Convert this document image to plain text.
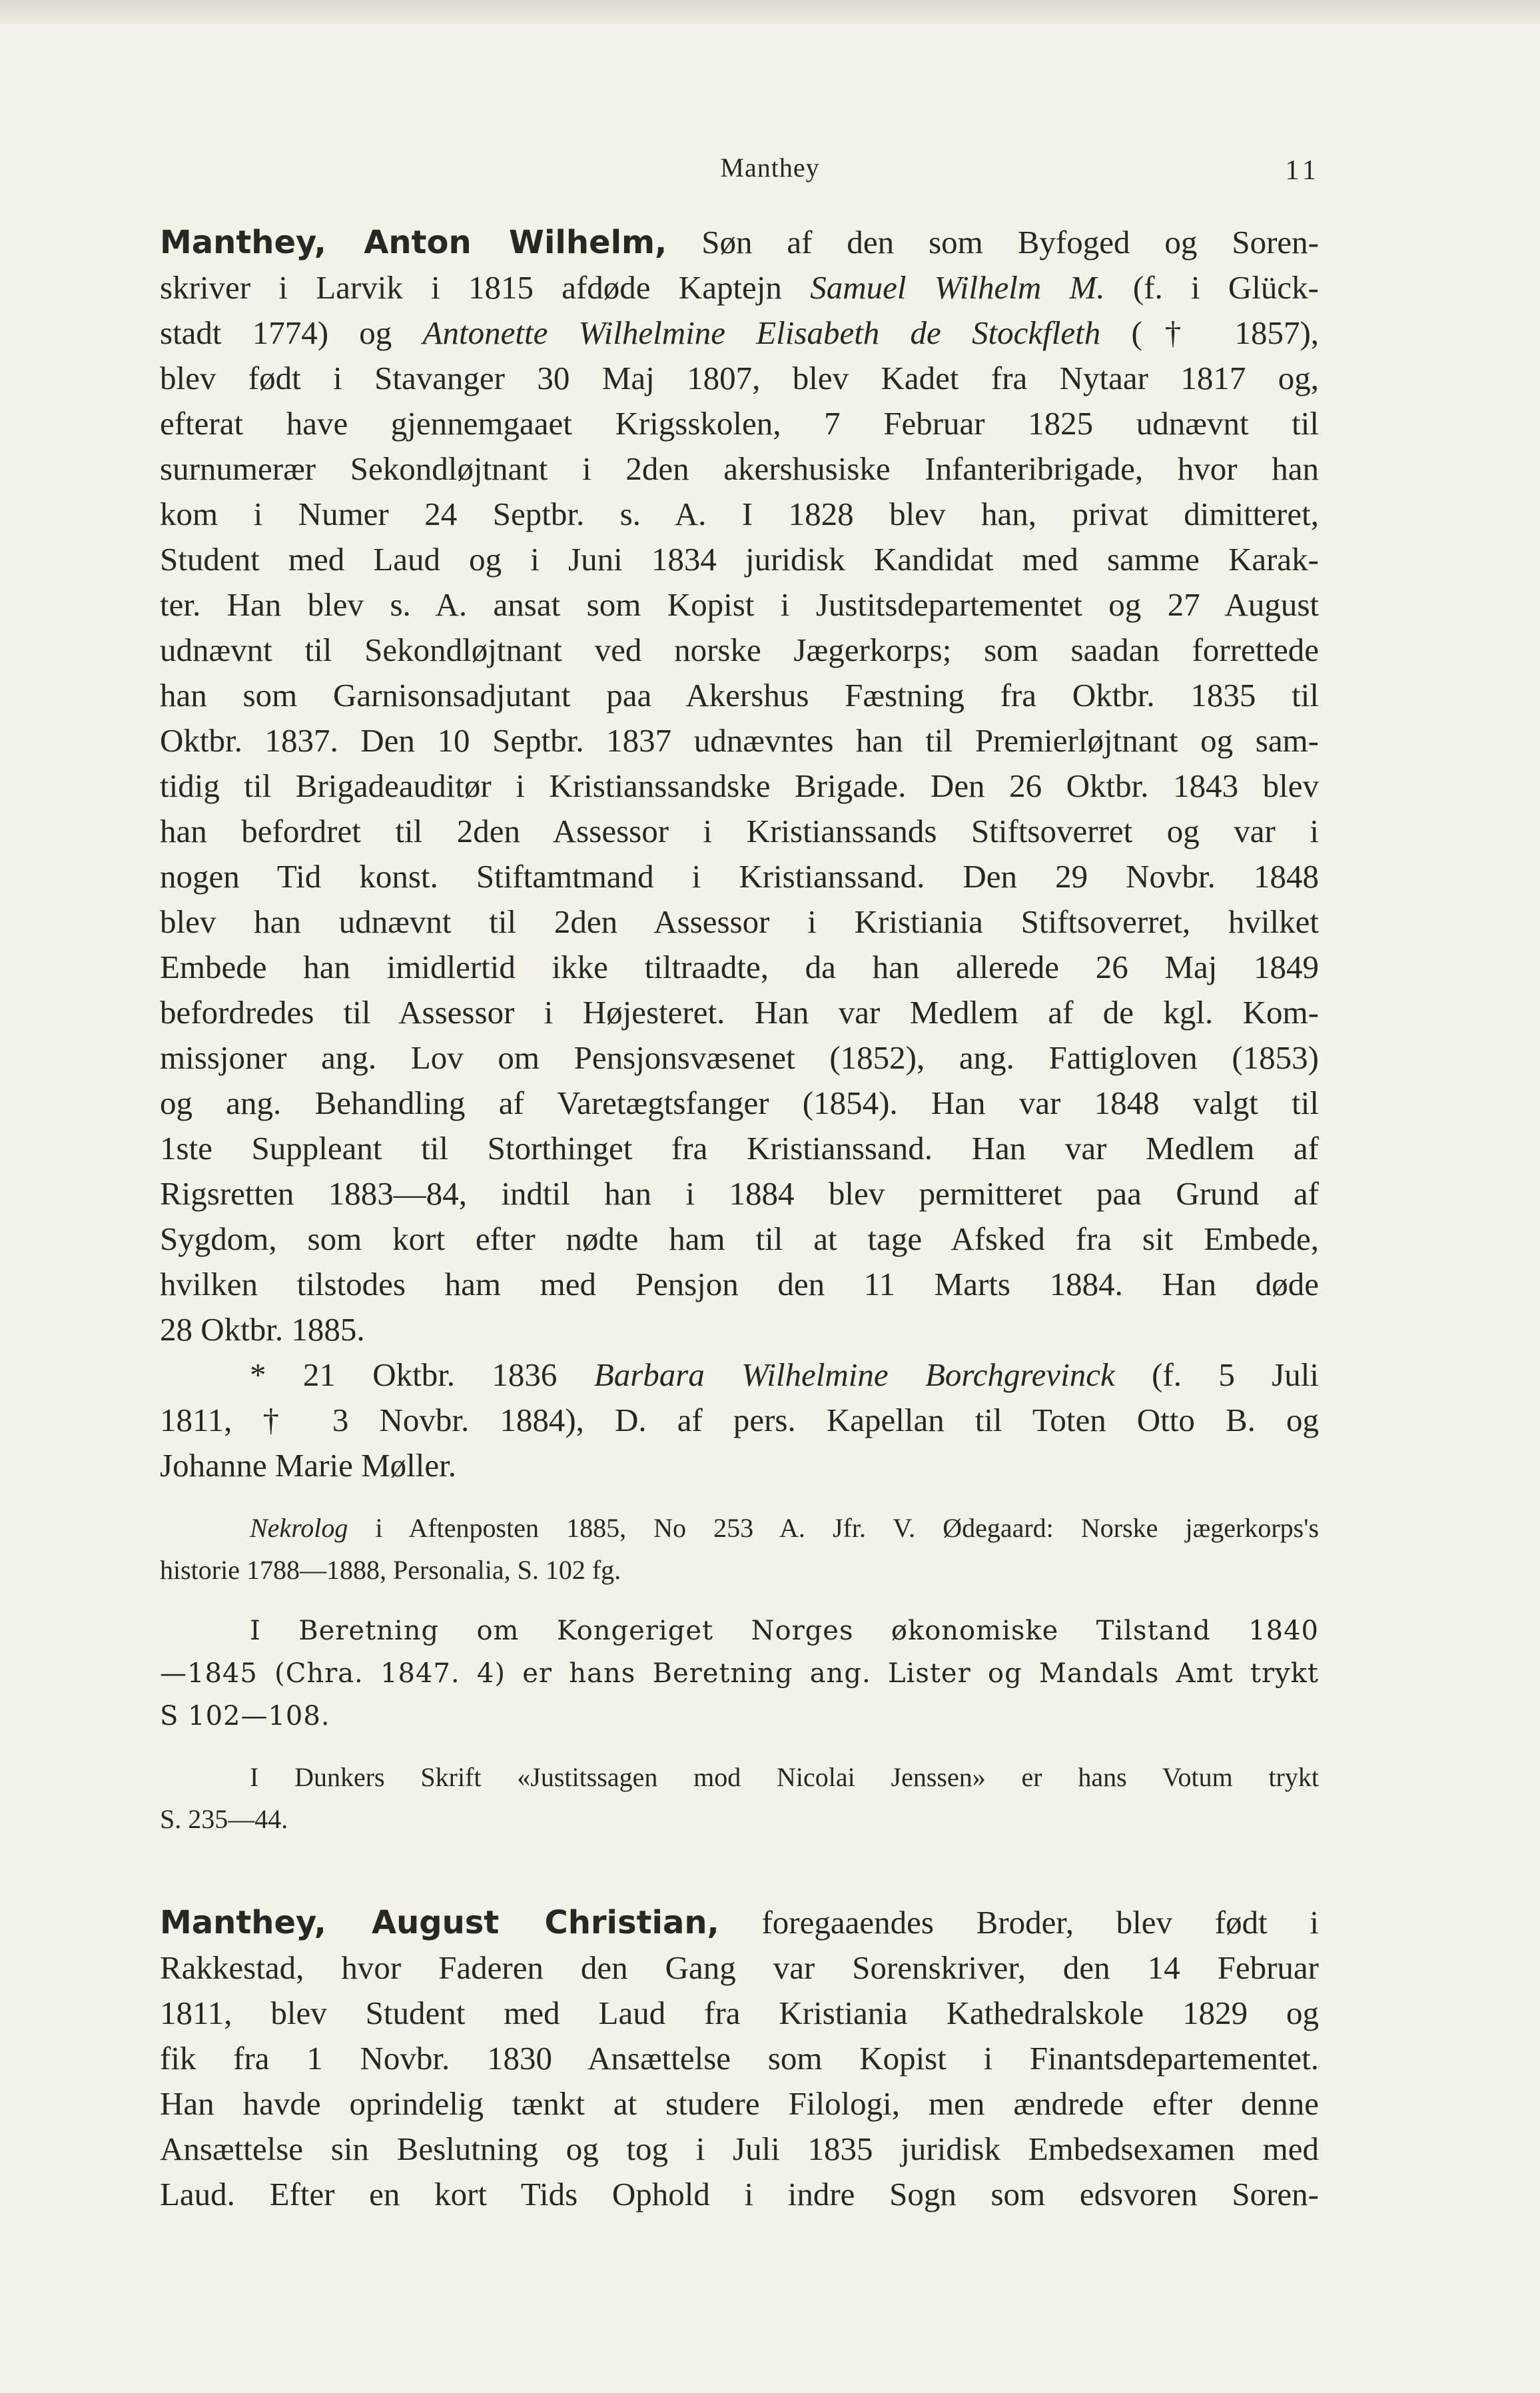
Manthey	11
Manthey, Anton Wilhelm, Søn af den som Byfoged og Soren-
skriver i Larvik i 1815 afdøde Kaptejn Samuel Wilhelm M. (f. i Glück-
stadt 1774) og Antonette Wilhelmine Elisabeth de Stockfleth († 1857),
blev født i Stavanger 30 Maj 1807, blev Kadet fra Nytaar 1817 og,
efterat have gjennemgaaet Krigsskolen, 7 Februar 1825 udnævnt til
surnumerær Sekondløjtnant i 2den akershusiske Infanteribrigade, hvor han
kom i Numer 24 Septbr. s. A. I 1828 blev han, privat dimitteret,
Student med Laud og i Juni 1834 juridisk Kandidat med samme Karak-
ter. Han blev s. A. ansat som Kopist i Justitsdepartementet og 27 August
udnævnt til Sekondløjtnant ved norske Jægerkorps; som saadan forrettede
han som Garnisonsadjutant paa Akershus Fæstning fra Oktbr. 1835 til
Oktbr. 1837. Den 10 Septbr. 1837 udnævntes han til Premierløjtnant og sam-
tidig til Brigadeauditør i Kristianssandske Brigade. Den 26 Oktbr. 1843 blev
han befordret til 2den Assessor i Kristianssands Stiftsoverret og var i
nogen Tid konst. Stiftamtmand i Kristianssand. Den 29 Novbr. 1848
blev han udnævnt til 2den Assessor i Kristiania Stiftsoverret, hvilket
Embede han imidlertid ikke tiltraadte, da han allerede 26 Maj 1849
befordredes til Assessor i Højesteret. Han var Medlem af de kgl. Kom-
missjoner ang. Lov om Pensjonsvæsenet (1852), ang. Fattigloven (1853)
og ang. Behandling af Varetægtsfanger (1854). Han var 1848 valgt til
1ste Suppleant til Storthinget fra Kristianssand. Han var Medlem af
Rigsretten 1883—84, indtil han i 1884 blev permitteret paa Grund af
Sygdom, som kort efter nødte ham til at tage Afsked fra sit Embede,
hvilken tilstodes ham med Pensjon den 11 Marts 1884. Han døde
28 Oktbr. 1885.
* 21 Oktbr. 1836 Barbara Wilhelmine Borchgrevinck (f. 5 Juli
1811, † 3 Novbr. 1884), D. af pers. Kapellan til Toten Otto B. og
Johanne Marie Møller.
Nekrolog i Aftenposten 1885, No 253 A. Jfr. V. Ødegaard: Norske jægerkorps's
historie 1788—1888, Personalia, S. 102 fg.
I Beretning om Kongeriget Norges økonomiske Tilstand 1840
—1845 (Chra. 1847. 4) er hans Beretning ang. Lister og Mandals Amt trykt
S 102—108.
I Dunkers Skrift «Justitssagen mod Nicolai Jenssen» er hans Votum trykt
S. 235—44.
Manthey, August Christian, foregaaendes Broder, blev født i
Rakkestad, hvor Faderen den Gang var Sorenskriver, den 14 Februar
1811, blev Student med Laud fra Kristiania Kathedralskole 1829 og
fik fra 1 Novbr. 1830 Ansættelse som Kopist i Finantsdepartementet.
Han havde oprindelig tænkt at studere Filologi, men ændrede efter denne
Ansættelse sin Beslutning og tog i Juli 1835 juridisk Embedsexamen med
Laud. Efter en kort Tids Ophold i indre Sogn som edsvoren Soren-
